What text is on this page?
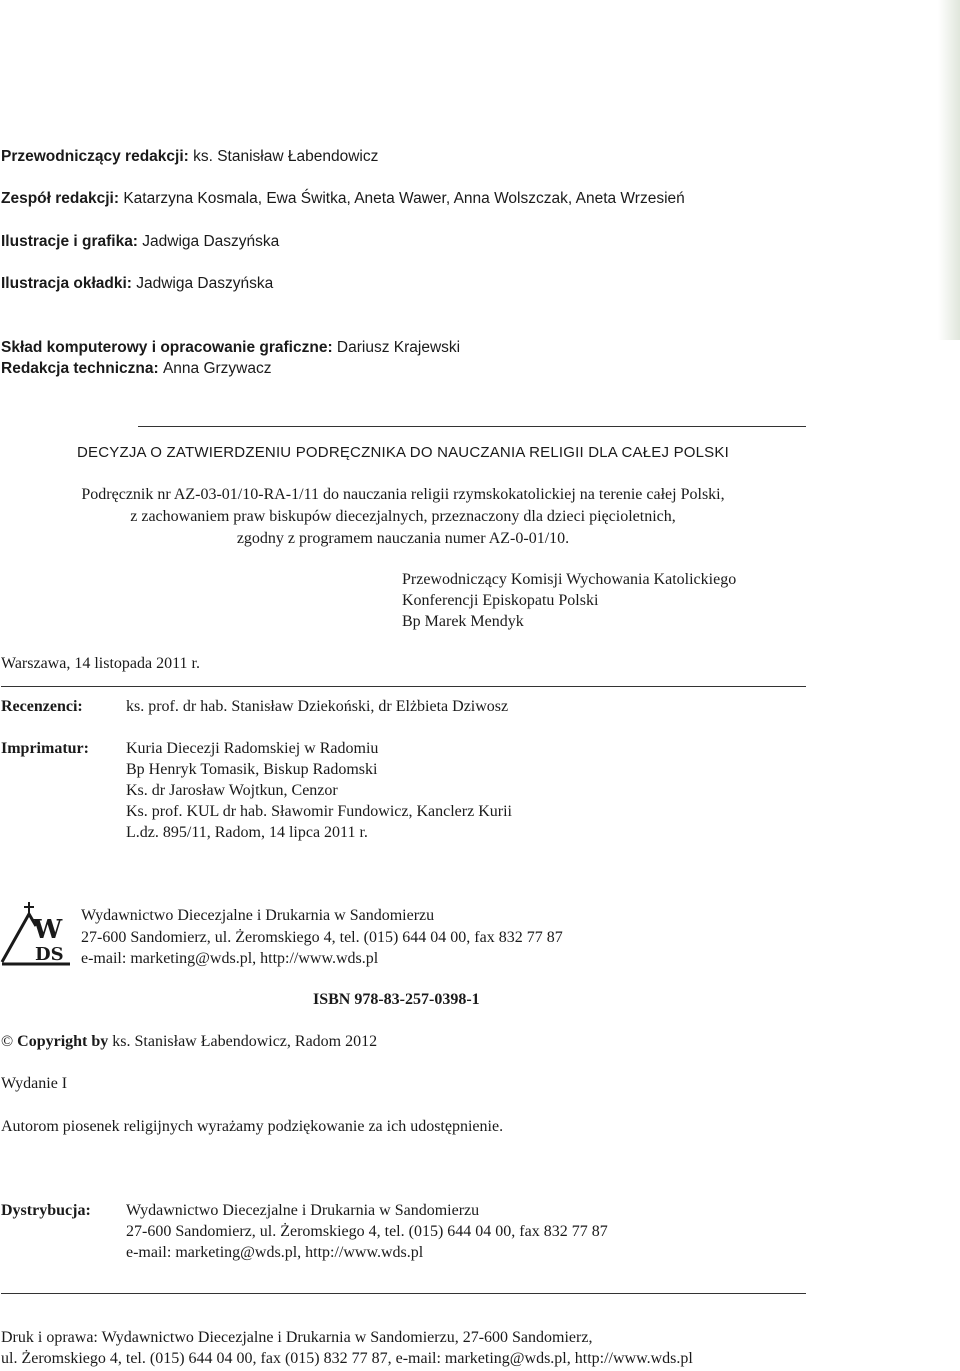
Przewodniczący redakcji: ks. Stanisław Łabendowicz
Zespół redakcji: Katarzyna Kosmala, Ewa Świtka, Aneta Wawer, Anna Wolszczak, Aneta Wrzesień
Ilustracje i grafika: Jadwiga Daszyńska
Ilustracja okładki: Jadwiga Daszyńska
Skład komputerowy i opracowanie graficzne: Dariusz Krajewski
Redakcja techniczna: Anna Grzywacz
DECYZJA O ZATWIERDZENIU PODRĘCZNIKA DO NAUCZANIA RELIGII DLA CAŁEJ POLSKI
Podręcznik nr AZ-03-01/10-RA-1/11 do nauczania religii rzymskokatolickiej na terenie całej Polski,
z zachowaniem praw biskupów diecezjalnych, przeznaczony dla dzieci pięcioletnich,
zgodny z programem nauczania numer AZ-0-01/10.
Przewodniczący Komisji Wychowania Katolickiego
Konferencji Episkopatu Polski
Bp Marek Mendyk
Warszawa, 14 listopada 2011 r.
Recenzenci:	ks. prof. dr hab. Stanisław Dziekoński, dr Elżbieta Dziwosz
Imprimatur: Kuria Diecezji Radomskiej w Radomiu
Bp Henryk Tomasik, Biskup Radomski
Ks. dr Jarosław Wojtkun, Cenzor
Ks. prof. KUL dr hab. Sławomir Fundowicz, Kanclerz Kurii
L.dz. 895/11, Radom, 14 lipca 2011 r.
W
DS
Wydawnictwo Diecezjalne i Drukarnia w Sandomierzu
27-600 Sandomierz, ul. Żeromskiego 4, tel. (015) 644 04 00, fax 832 77 87
e-mail: marketing@wds.pl, http://www.wds.pl
ISBN 978-83-257-0398-1
© Copyright by ks. Stanisław Łabendowicz, Radom 2012
Wydanie I
Autorom piosenek religijnych wyrażamy podziękowanie za ich udostępnienie.
Dystrybucja: Wydawnictwo Diecezjalne i Drukarnia w Sandomierzu
27-600 Sandomierz, ul. Żeromskiego 4, tel. (015) 644 04 00, fax 832 77 87
e-mail: marketing@wds.pl, http://www.wds.pl
Druk i oprawa: Wydawnictwo Diecezjalne i Drukarnia w Sandomierzu, 27-600 Sandomierz,
ul. Żeromskiego 4, tel. (015) 644 04 00, fax (015) 832 77 87, e-mail: marketing@wds.pl, http://www.wds.pl
